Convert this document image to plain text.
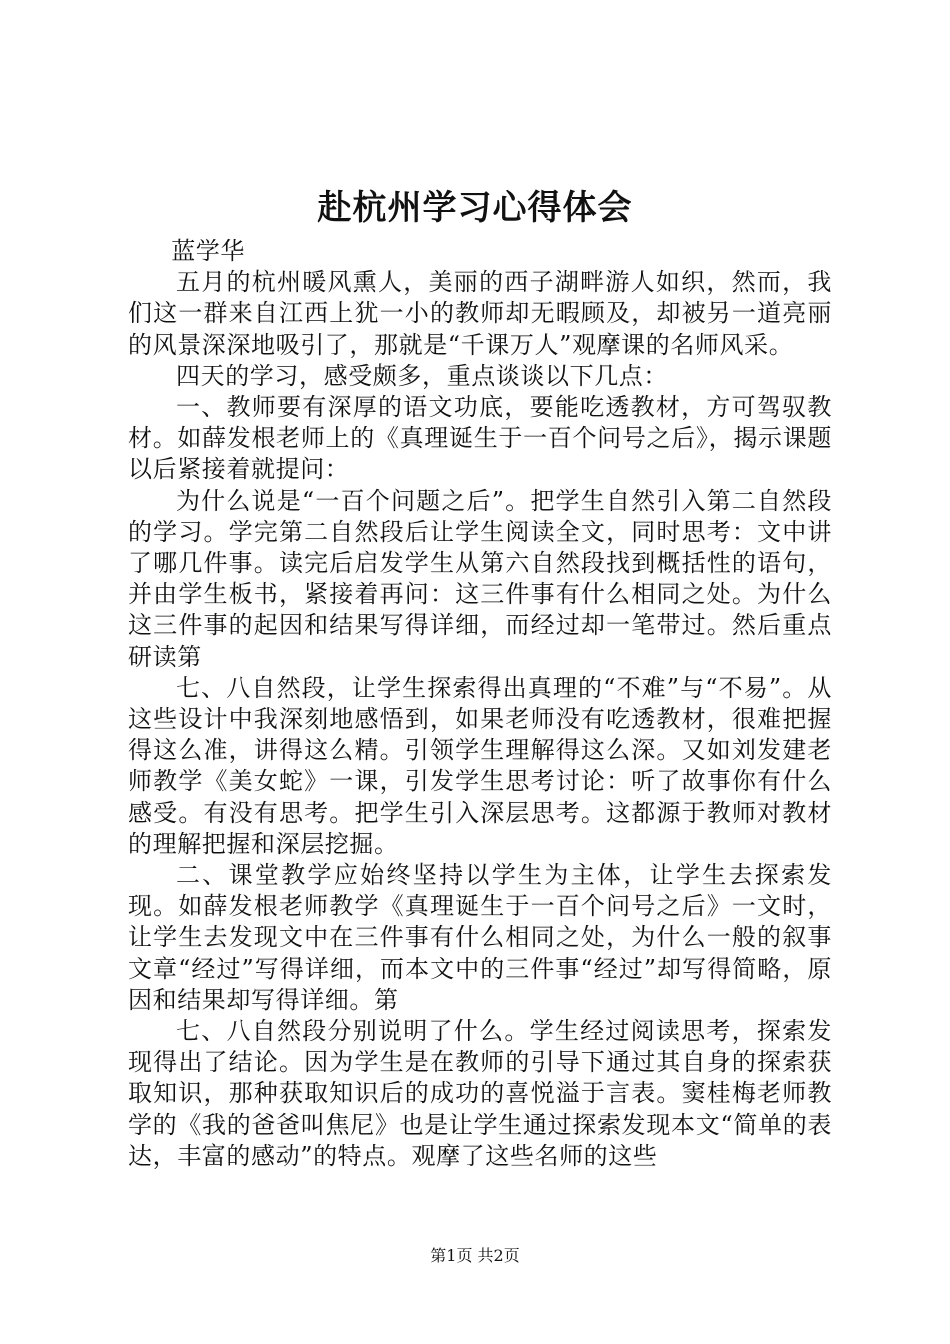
赴杭州学习心得体会

蓝学华

五月的杭州暖风熏人，美丽的西子湖畔游人如织，然而，我们这一群来自江西上犹一小的教师却无暇顾及，却被另一道亮丽的风景深深地吸引了，那就是“千课万人”观摩课的名师风采。

四天的学习，感受颇多，重点谈谈以下几点：

一、教师要有深厚的语文功底，要能吃透教材，方可驾驭教材。如薛发根老师上的《真理诞生于一百个问号之后》，揭示课题以后紧接着就提问：

为什么说是“一百个问题之后”。把学生自然引入第二自然段的学习。学完第二自然段后让学生阅读全文，同时思考：文中讲了哪几件事。读完后启发学生从第六自然段找到概括性的语句，并由学生板书，紧接着再问：这三件事有什么相同之处。为什么这三件事的起因和结果写得详细，而经过却一笔带过。然后重点研读第

七、八自然段，让学生探索得出真理的“不难”与“不易”。从这些设计中我深刻地感悟到，如果老师没有吃透教材，很难把握得这么准，讲得这么精。引领学生理解得这么深。又如刘发建老师教学《美女蛇》一课，引发学生思考讨论：听了故事你有什么感受。有没有思考。把学生引入深层思考。这都源于教师对教材的理解把握和深层挖掘。

二、课堂教学应始终坚持以学生为主体，让学生去探索发现。如薛发根老师教学《真理诞生于一百个问号之后》一文时，让学生去发现文中在三件事有什么相同之处，为什么一般的叙事文章“经过”写得详细，而本文中的三件事“经过”却写得简略，原因和结果却写得详细。第

七、八自然段分别说明了什么。学生经过阅读思考，探索发现得出了结论。因为学生是在教师的引导下通过其自身的探索获取知识，那种获取知识后的成功的喜悦溢于言表。窦桂梅老师教学的《我的爸爸叫焦尼》也是让学生通过探索发现本文“简单的表达，丰富的感动”的特点。观摩了这些名师的这些

第1页 共2页
